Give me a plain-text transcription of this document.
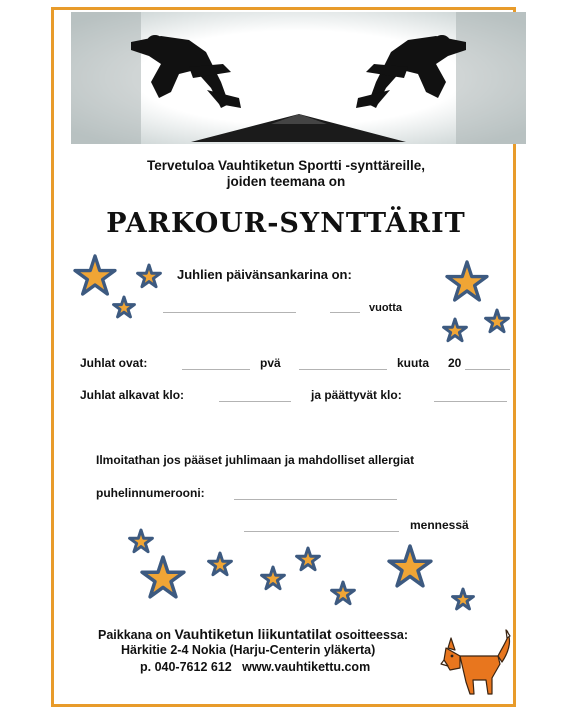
Tervetuloa Vauhtiketun Sportti -synttäreille,
joiden teemana on
PARKOUR-SYNTTÄRIT
Juhlien päivänsankarina on:
vuotta
Juhlat ovat:	pvä	kuuta 20
Juhlat alkavat klo:	ja päättyvät klo:
Ilmoitathan jos pääset juhlimaan ja mahdolliset allergiat
puhelinnumerooni:
mennessä
Paikkana on Vauhtiketun liikuntatilat osoitteessa:
Härkitie 2-4 Nokia (Harju-Centerin yläkerta)
p. 040-7612 612   www.vauhtikettu.com
